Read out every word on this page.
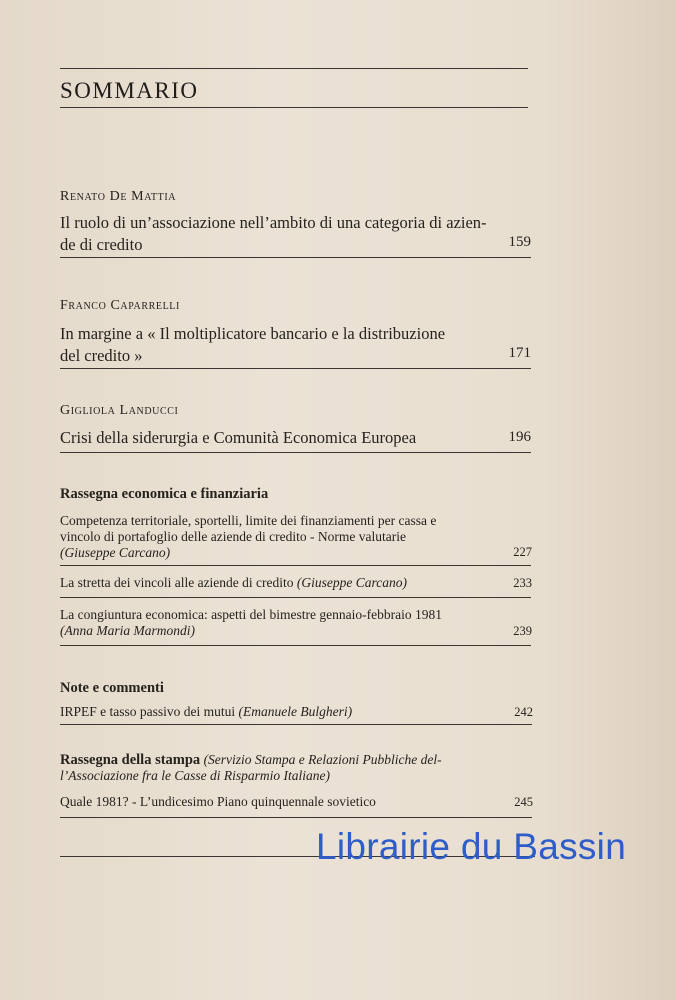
SOMMARIO
Renato De Mattia
Il ruolo di un’associazione nell’ambito di una categoria di azien-
de di credito	159
Franco Caparrelli
In margine a « Il moltiplicatore bancario e la distribuzione
del credito »	171
Gigliola Landucci
Crisi della siderurgia e Comunità Economica Europea	196
Rassegna economica e finanziaria
Competenza territoriale, sportelli, limite dei finanziamenti per cassa e
vincolo di portafoglio delle aziende di credito - Norme valutarie
(Giuseppe Carcano)	227
La stretta dei vincoli alle aziende di credito (Giuseppe Carcano)	233
La congiuntura economica: aspetti del bimestre gennaio-febbraio 1981
(Anna Maria Marmondi)	239
Note e commenti
IRPEF e tasso passivo dei mutui (Emanuele Bulgheri)	242
Rassegna della stampa (Servizio Stampa e Relazioni Pubbliche del-
l’Associazione fra le Casse di Risparmio Italiane)
Quale 1981? - L’undicesimo Piano quinquennale sovietico	245
Librairie du Bassin
